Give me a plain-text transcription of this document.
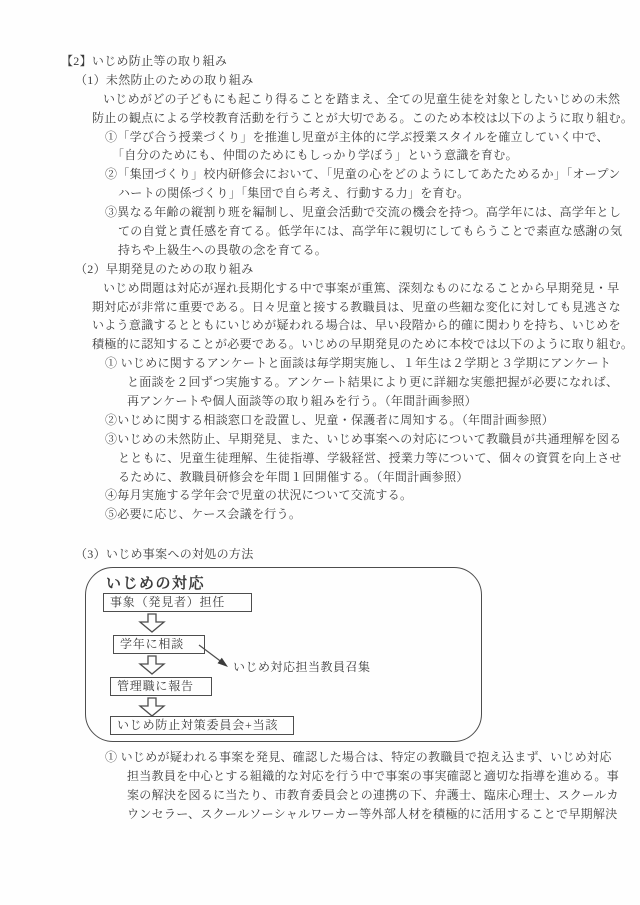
【2】いじめ防止等の取り組み
（1）未然防止のための取り組み
いじめがどの子どもにも起こり得ることを踏まえ、全ての児童生徒を対象としたいじめの未然
防止の観点による学校教育活動を行うことが大切である。このため本校は以下のように取り組む。
①「学び合う授業づくり」を推進し児童が主体的に学ぶ授業スタイルを確立していく中で、
「自分のためにも、仲間のためにもしっかり学ぼう」という意識を育む。
②「集団づくり」校内研修会において、「児童の心をどのようにしてあたためるか」「オープン
ハートの関係づくり」「集団で自ら考え、行動する力」を育む。
③異なる年齢の縦割り班を編制し、児童会活動で交流の機会を持つ。高学年には、高学年とし
ての自覚と責任感を育てる。低学年には、高学年に親切にしてもらうことで素直な感謝の気
持ちや上級生への畏敬の念を育てる。
（2）早期発見のための取り組み
いじめ問題は対応が遅れ長期化する中で事案が重篤、深刻なものになることから早期発見・早
期対応が非常に重要である。日々児童と接する教職員は、児童の些細な変化に対しても見逃さな
いよう意識するとともにいじめが疑われる場合は、早い段階から的確に関わりを持ち、いじめを
積極的に認知することが必要である。いじめの早期発見のために本校では以下のように取り組む。
① いじめに関するアンケートと面談は毎学期実施し、１年生は２学期と３学期にアンケート
と面談を２回ずつ実施する。アンケート結果により更に詳細な実態把握が必要になれば、
再アンケートや個人面談等の取り組みを行う。（年間計画参照）
②いじめに関する相談窓口を設置し、児童・保護者に周知する。（年間計画参照）
③いじめの未然防止、早期発見、また、いじめ事案への対応について教職員が共通理解を図る
とともに、児童生徒理解、生徒指導、学級経営、授業力等について、個々の資質を向上させ
るために、教職員研修会を年間１回開催する。（年間計画参照）
④毎月実施する学年会で児童の状況について交流する。
⑤必要に応じ、ケース会議を行う。
（3）いじめ事案への対処の方法
いじめの対応
事象（発見者）担任
学年に相談
いじめ対応担当教員召集
管理職に報告
いじめ防止対策委員会+当該
① いじめが疑われる事案を発見、確認した場合は、特定の教職員で抱え込まず、いじめ対応
担当教員を中心とする組織的な対応を行う中で事案の事実確認と適切な指導を進める。事
案の解決を図るに当たり、市教育委員会との連携の下、弁護士、臨床心理士、スクールカ
ウンセラー、スクールソーシャルワーカー等外部人材を積極的に活用することで早期解決
